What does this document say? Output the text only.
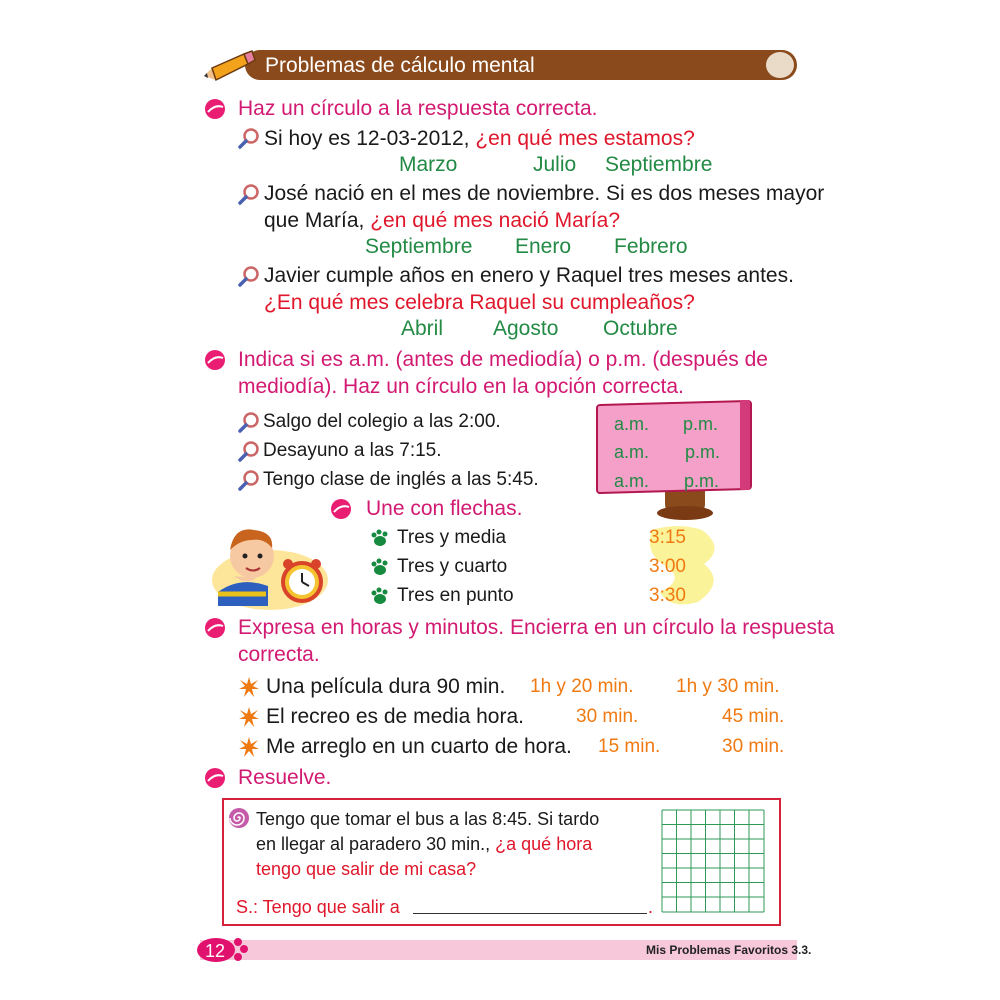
Problemas de cálculo mental
Haz un círculo a la respuesta correcta.
Si hoy es 12-03-2012, ¿en qué mes estamos?
Marzo	Julio Septiembre
José nació en el mes de noviembre. Si es dos meses mayor
que María, ¿en qué mes nació María?
Septiembre Enero Febrero
Javier cumple años en enero y Raquel tres meses antes.
¿En qué mes celebra Raquel su cumpleaños?
Abril Agosto Octubre
Indica si es a.m. (antes de mediodía) o p.m. (después de
mediodía). Haz un círculo en la opción correcta.
Salgo del colegio a las 2:00.
Desayuno a las 7:15.
Tengo clase de inglés a las 5:45.
a.m. p.m.
a.m. p.m.
a.m. p.m.
Une con flechas.
Tres y media
Tres y cuarto
Tres en punto
3:15
3:00
3:30
Expresa en horas y minutos. Encierra en un círculo la respuesta
correcta.
Una película dura 90 min. 1h y 20 min. 1h y 30 min.
El recreo es de media hora.	30 min.	45 min.
Me arreglo en un cuarto de hora. 15 min.	30 min.
Resuelve.
Tengo que tomar el bus a las 8:45. Si tardo
en llegar al paradero 30 min., ¿a qué hora
tengo que salir de mi casa?
S.: Tengo que salir a	.
12	Mis Problemas Favoritos 3.3.
